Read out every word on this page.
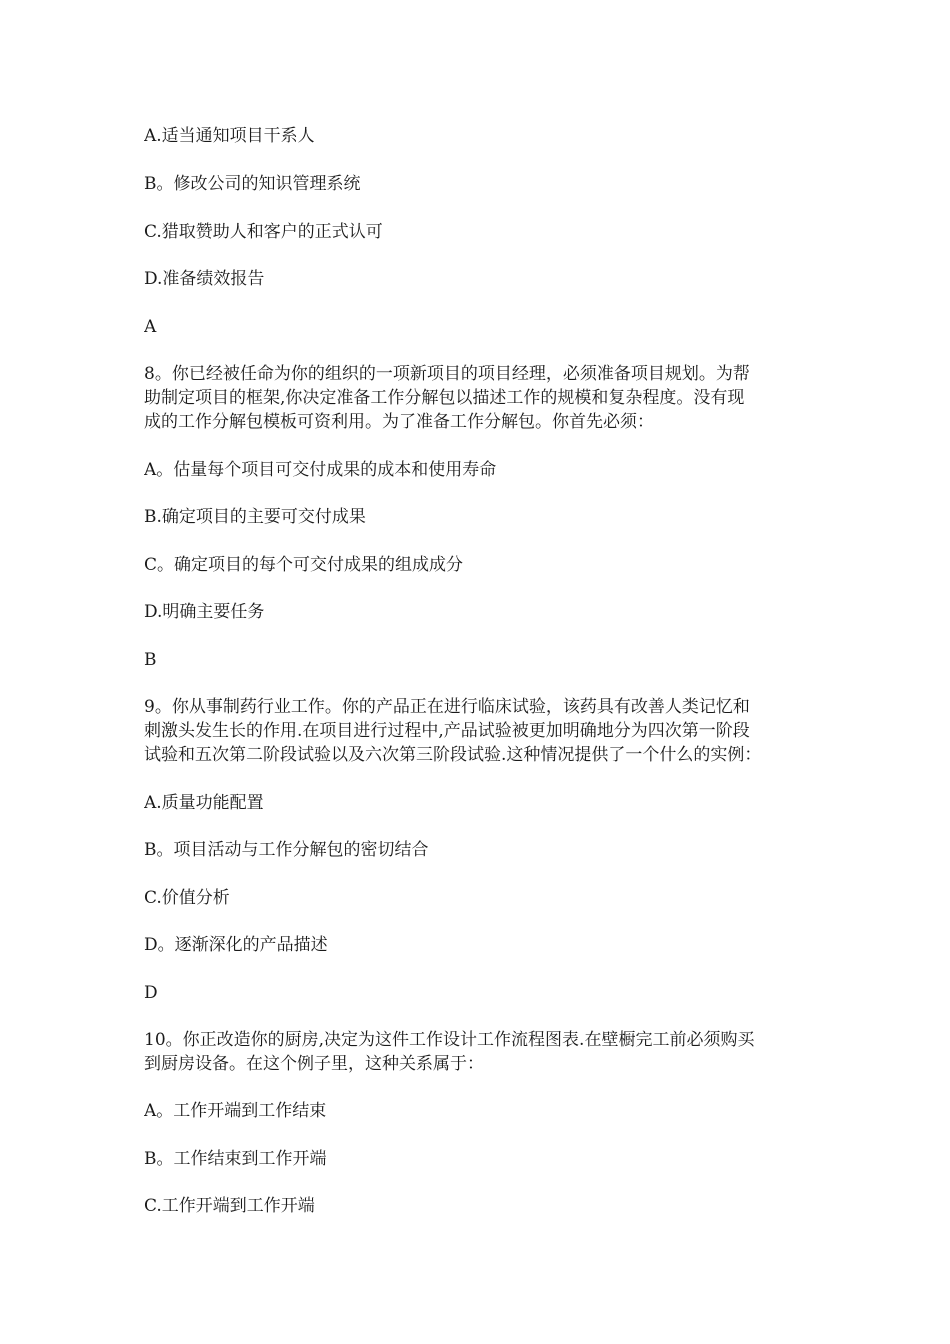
A.适当通知项目干系人
B。修改公司的知识管理系统
C.猎取赞助人和客户的正式认可
D.准备绩效报告
A
8。你已经被任命为你的组织的一项新项目的项目经理，必须准备项目规划。为帮
助制定项目的框架,你决定准备工作分解包以描述工作的规模和复杂程度。没有现
成的工作分解包模板可资利用。为了准备工作分解包。你首先必须：
A。估量每个项目可交付成果的成本和使用寿命
B.确定项目的主要可交付成果
C。确定项目的每个可交付成果的组成成分
D.明确主要任务
B
9。你从事制药行业工作。你的产品正在进行临床试验，该药具有改善人类记忆和
刺激头发生长的作用.在项目进行过程中,产品试验被更加明确地分为四次第一阶段
试验和五次第二阶段试验以及六次第三阶段试验.这种情况提供了一个什么的实例：
A.质量功能配置
B。项目活动与工作分解包的密切结合
C.价值分析
D。逐渐深化的产品描述
D
10。你正改造你的厨房,决定为这件工作设计工作流程图表.在壁橱完工前必须购买
到厨房设备。在这个例子里，这种关系属于：
A。工作开端到工作结束
B。工作结束到工作开端
C.工作开端到工作开端
